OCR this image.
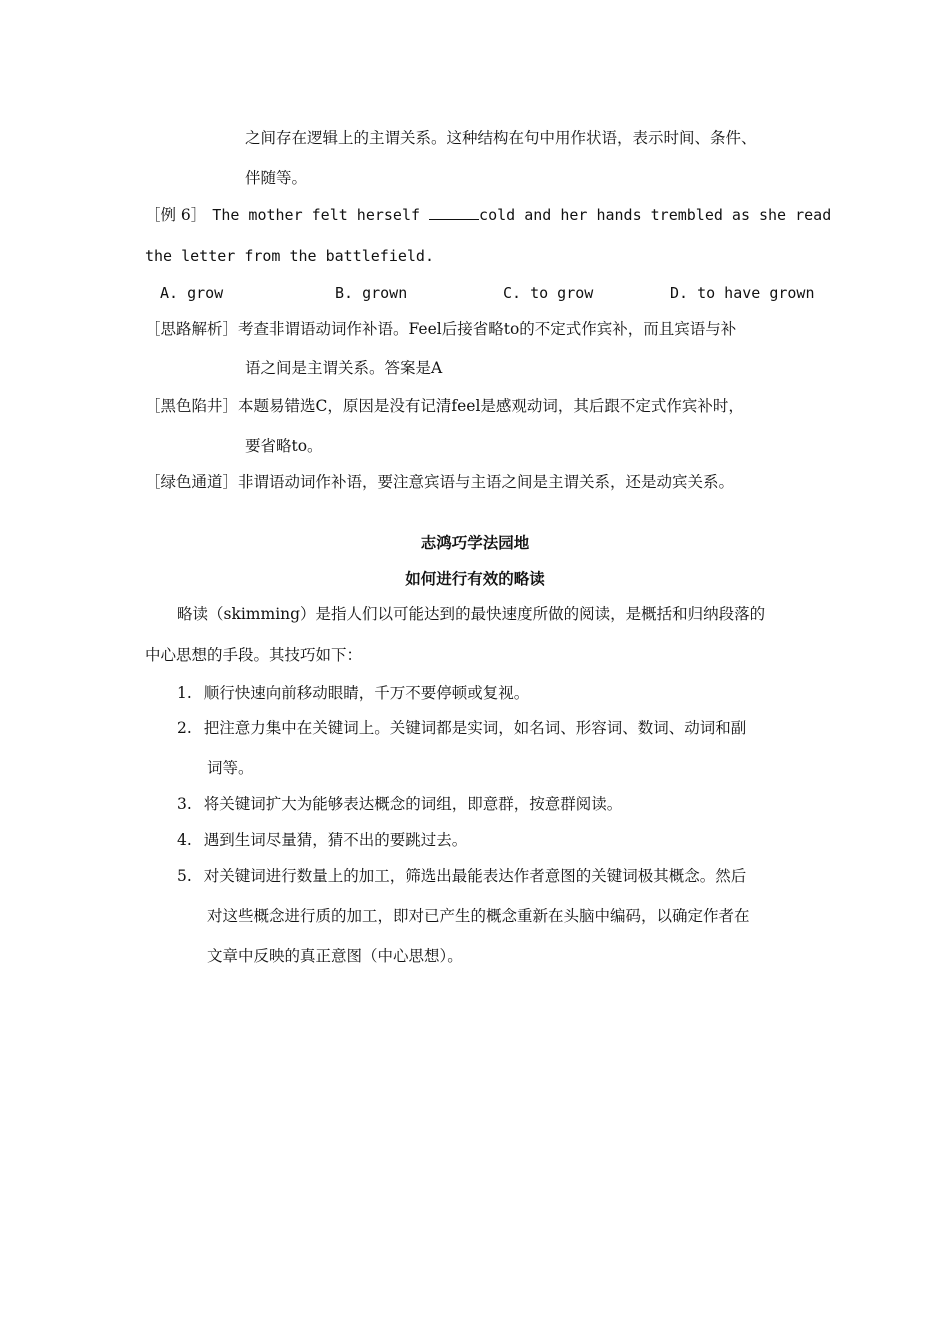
之间存在逻辑上的主谓关系。这种结构在句中用作状语，表示时间、条件、
伴随等。
［例 6］ The mother felt herself	cold and her hands trembled as she read
the letter from the battlefield.
A. grow	B. grown	C. to grow	D. to have grown
［思路解析］考查非谓语动词作补语。Feel后接省略to的不定式作宾补，而且宾语与补
语之间是主谓关系。答案是A
［黑色陷井］本题易错选C，原因是没有记清feel是感观动词，其后跟不定式作宾补时，
要省略to。
［绿色通道］非谓语动词作补语，要注意宾语与主语之间是主谓关系，还是动宾关系。
志鸿巧学法园地
如何进行有效的略读
略读（skimming）是指人们以可能达到的最快速度所做的阅读，是概括和归纳段落的
中心思想的手段。其技巧如下：
1. 顺行快速向前移动眼睛，千万不要停顿或复视。
2. 把注意力集中在关键词上。关键词都是实词，如名词、形容词、数词、动词和副
词等。
3. 将关键词扩大为能够表达概念的词组，即意群，按意群阅读。
4. 遇到生词尽量猜，猜不出的要跳过去。
5. 对关键词进行数量上的加工，筛选出最能表达作者意图的关键词极其概念。然后
对这些概念进行质的加工，即对已产生的概念重新在头脑中编码，以确定作者在
文章中反映的真正意图（中心思想）。
